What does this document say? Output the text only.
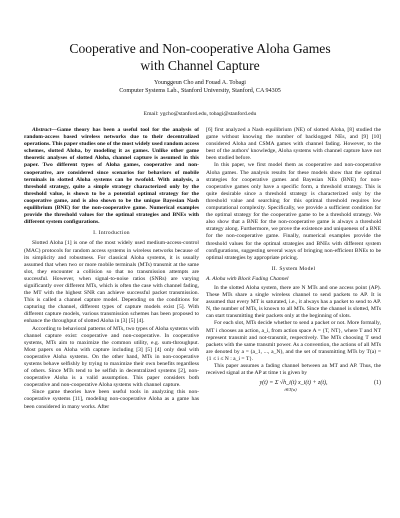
Cooperative and Non-cooperative Aloha Games
with Channel Capture
Younggeun Cho and Fouad A. Tobagi
Computer Systems Lab., Stanford University, Stanford, CA 94305
Email: ygcho@stanford.edu, tobagi@stanford.edu

Abstract—Game theory has been a useful tool for the analysis of random-access based wireless networks due to their decentralized operations. This paper studies one of the most widely used random access schemes, slotted Aloha, by modeling it as games. Unlike other game theoretic analyses of slotted Aloha, channel capture is assumed in this paper. Two different types of Aloha games, cooperative and non-cooperative, are considered since scenarios for behaviors of mobile terminals in slotted Aloha systems can be twofold. With analysis, a threshold strategy, quite a simple strategy characterized only by the threshold value, is shown to be a potential optimal strategy for the cooperative game, and is also shown to be the unique Bayesian Nash equilibrium (BNE) for the non-cooperative game. Numerical examples provide the threshold values for the optimal strategies and BNEs with different system configurations.

I. Introduction

Slotted Aloha [1] is one of the most widely used medium-access-control (MAC) protocols for random access systems in wireless networks because of its simplicity and robustness. For classical Aloha systems, it is usually assumed that when two or more mobile terminals (MTs) transmit at the same slot, they encounter a collision so that no transmission attempts are successful. However, when signal-to-noise ratios (SNRs) are varying significantly over different MTs, which is often the case with channel fading, the MT with the highest SNR can achieve successful packet transmission. This is called a channel capture model. Depending on the conditions for capturing the channel, different types of capture models exist [5]. With different capture models, various transmission schemes has been proposed to enhance the throughput of slotted Aloha in [3] [5] [4].

According to behavioral patterns of MTs, two types of Aloha systems with channel capture exist: cooperative and non-cooperative. In cooperative systems, MTs aim to maximize the common utility, e.g. sum-throughput. Most papers on Aloha with capture including [3] [5] [4] only deal with cooperative Aloha systems. On the other hand, MTs in non-cooperative systems behave selfishly by trying to maximize their own benefits regardless of others. Since MTs tend to be selfish in decentralized systems [2], non-cooperative Aloha is a valid assumption. This paper considers both cooperative and non-cooperative Aloha systems with channel capture.

Since game theories have been useful tools in analyzing this non-cooperative systems [11], modeling non-cooperative Aloha as a game has been considered in many works. After

[6] first analyzed a Nash equilibrium (NE) of slotted Aloha, [8] studied the game without knowing the number of backlogged NEs, and [9] [10] considered Aloha and CSMA games with channel fading. However, to the best of the authors' knowledge, Aloha systems with channel capture have not been studied before.

In this paper, we first model them as cooperative and non-cooperative Aloha games. The analysis results for these models show that the optimal strategies for cooperative games and Bayesian NEs (BNE) for non-cooperative games only have a specific form, a threshold strategy. This is quite desirable since a threshold strategy is characterized only by the threshold value and searching for this optimal threshold requires low computational complexity. Specifically, we provide a sufficient condition for the optimal strategy for the cooperative game to be a threshold strategy. We also show that a BNE for the non-cooperative game is always a threshold strategy along. Furthermore, we prove the existence and uniqueness of a BNE for the non-cooperative game. Finally, numerical examples provide the threshold values for the optimal strategies and BNEs with different system configurations, suggesting several ways of bringing non-efficient BNEs to be optimal strategies by appropriate pricing.

II. System Model
A. Aloha with Block Fading Channel

In the slotted Aloha system, there are N MTs and one access point (AP). These MTs share a single wireless channel to send packets to AP. It is assumed that every MT is saturated, i.e., it always has a packet to send to AP. N, the number of MTs, is known to all MTs. Since the channel is slotted, MTs can start transmitting their packets only at the beginning of slots.

For each slot, MTs decide whether to send a packet or not. More formally, MT i chooses an action, a_i, from action space A = {T, NT}, where T and NT represent transmit and not-transmit, respectively. The MTs choosing T send packets with the same transmit power. As a convention, the actions of all MTs are denoted by a = (a_1, ..., a_N), and the set of transmitting MTs by T(a) = {1 ≤ i ≤ N : a_i = T}.

This paper assumes a fading channel between an MT and AP. Thus, the received signal at the AP at time t is given by

y(t) = Σ √h_i(t) x_i(t) + z(t),	(1)
i∈T(a)
